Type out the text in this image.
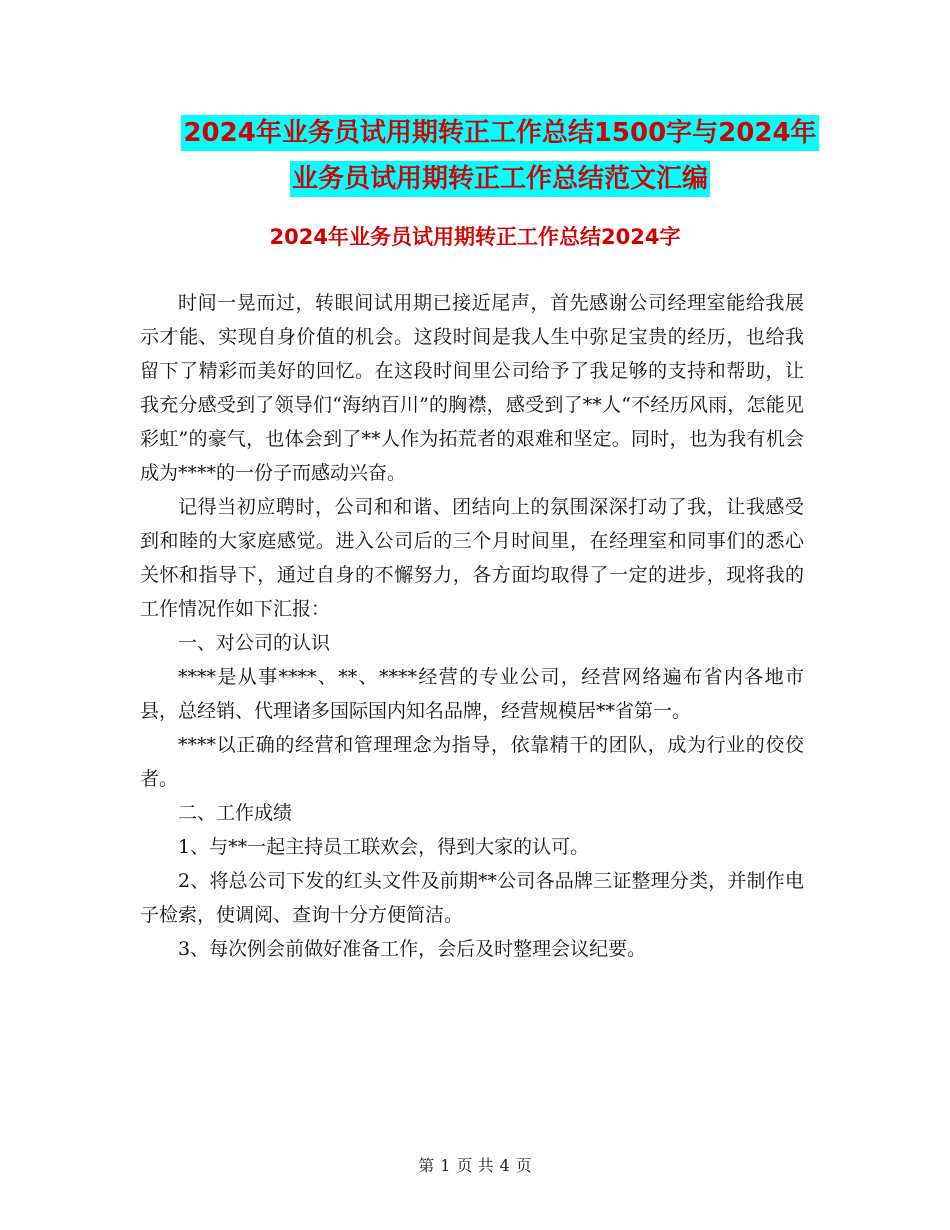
2024年业务员试用期转正工作总结1500字与2024年
业务员试用期转正工作总结范文汇编
2024年业务员试用期转正工作总结2024字

时间一晃而过，转眼间试用期已接近尾声，首先感谢公司经理室能给我展示才能、实现自身价值的机会。这段时间是我人生中弥足宝贵的经历，也给我留下了精彩而美好的回忆。在这段时间里公司给予了我足够的支持和帮助，让我充分感受到了领导们“海纳百川”的胸襟，感受到了**人“不经历风雨，怎能见彩虹”的豪气，也体会到了**人作为拓荒者的艰难和坚定。同时，也为我有机会成为****的一份子而感动兴奋。

记得当初应聘时，公司和和谐、团结向上的氛围深深打动了我，让我感受到和睦的大家庭感觉。进入公司后的三个月时间里，在经理室和同事们的悉心关怀和指导下，通过自身的不懈努力，各方面均取得了一定的进步，现将我的工作情况作如下汇报：

一、对公司的认识

****是从事****、**、****经营的专业公司，经营网络遍布省内各地市县，总经销、代理诸多国际国内知名品牌，经营规模居**省第一。

****以正确的经营和管理理念为指导，依靠精干的团队，成为行业的佼佼者。

二、工作成绩

1、与**一起主持员工联欢会，得到大家的认可。

2、将总公司下发的红头文件及前期**公司各品牌三证整理分类，并制作电子检索，使调阅、查询十分方便简洁。

3、每次例会前做好准备工作，会后及时整理会议纪要。

第 1 页 共 4 页
